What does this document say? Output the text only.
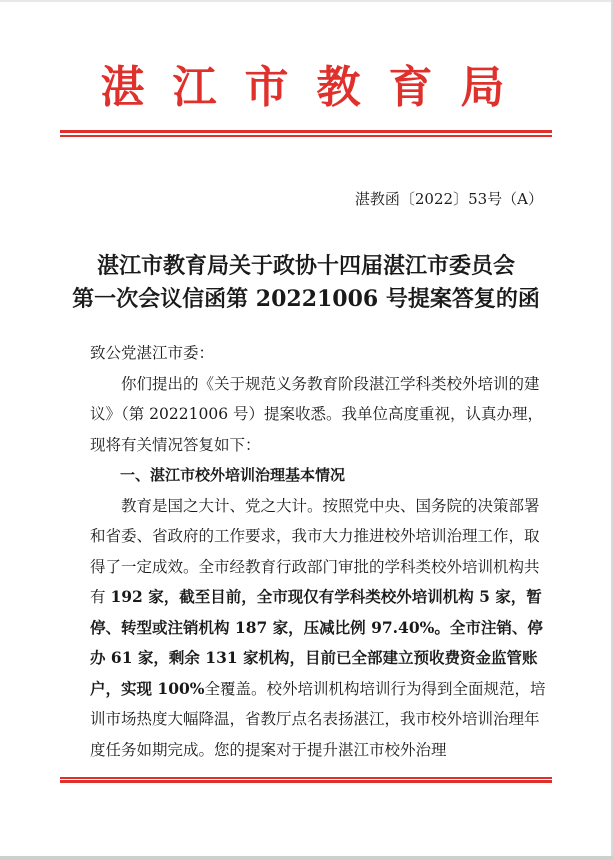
湛江市教育局
湛教函〔2022〕53号（A）
湛江市教育局关于政协十四届湛江市委员会
第一次会议信函第 20221006 号提案答复的函

致公党湛江市委：

你们提出的《关于规范义务教育阶段湛江学科类校外培训的建议》（第 20221006 号）提案收悉。我单位高度重视，认真办理，现将有关情况答复如下：

一、湛江市校外培训治理基本情况

教育是国之大计、党之大计。按照党中央、国务院的决策部署和省委、省政府的工作要求，我市大力推进校外培训治理工作，取得了一定成效。全市经教育行政部门审批的学科类校外培训机构共有 192 家，截至目前，全市现仅有学科类校外培训机构 5 家，暂停、转型或注销机构 187 家，压减比例 97.40%。全市注销、停办 61 家，剩余 131 家机构，目前已全部建立预收费资金监管账户，实现 100%全覆盖。校外培训机构培训行为得到全面规范，培训市场热度大幅降温，省教厅点名表扬湛江，我市校外培训治理年度任务如期完成。您的提案对于提升湛江市校外治理
